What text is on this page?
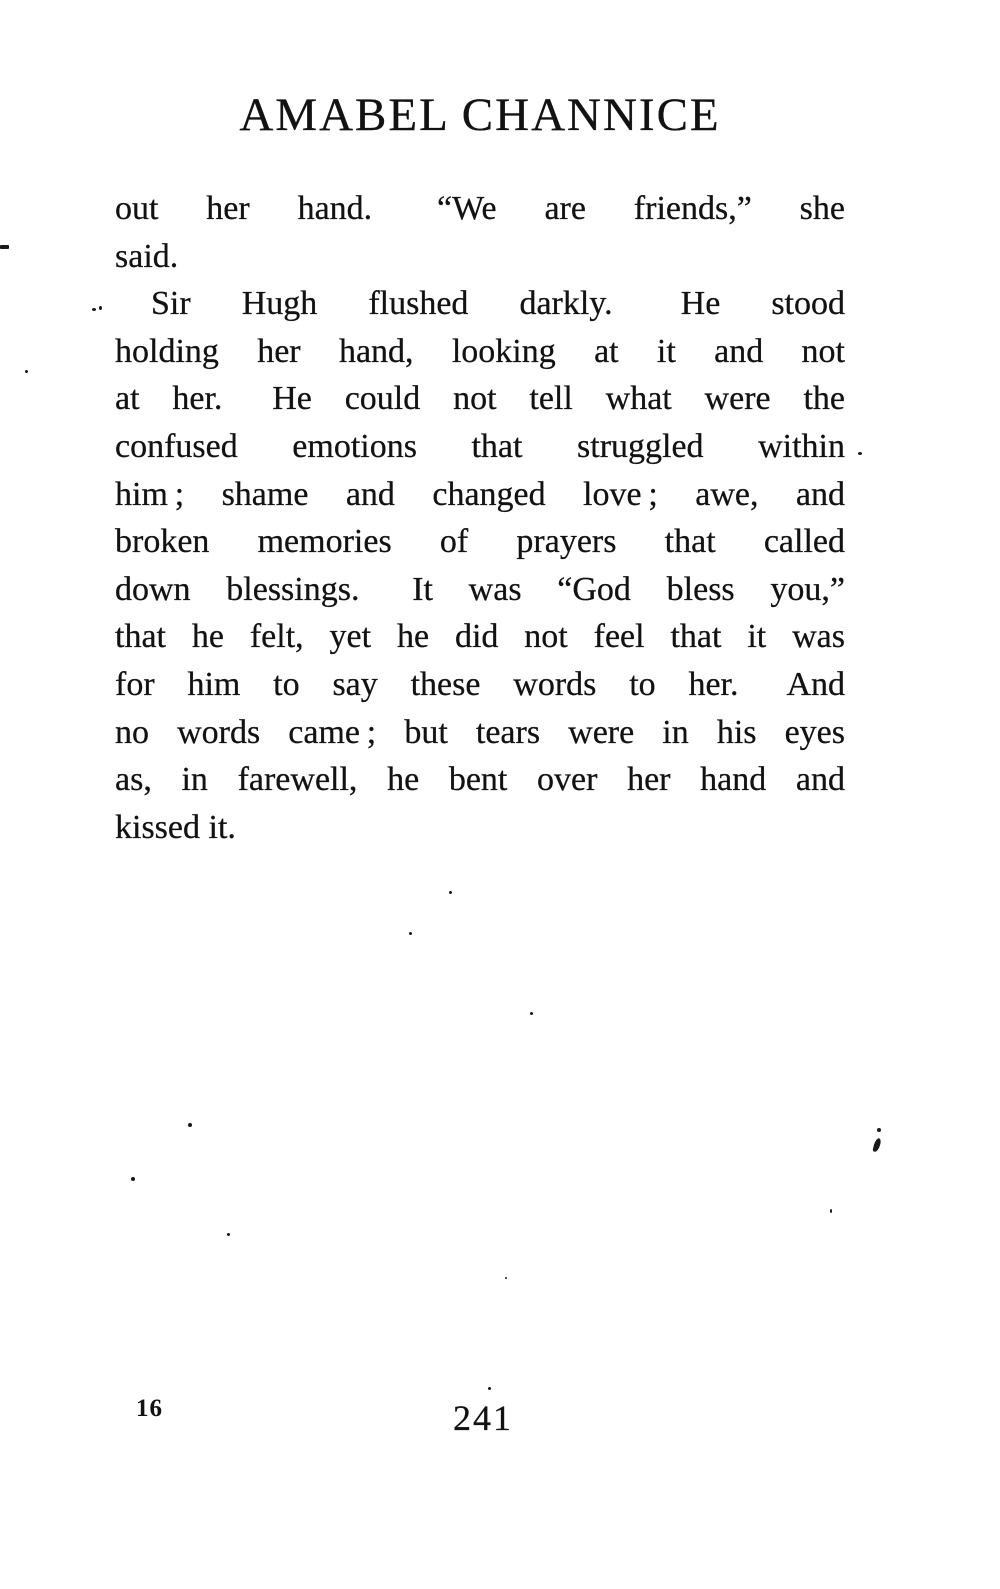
AMABEL CHANNICE
out her hand.  “We are friends,” she
said.
Sir Hugh flushed darkly.  He stood
holding her hand, looking at it and not
at her.  He could not tell what were the
confused emotions that struggled within
him ; shame and changed love ; awe, and
broken memories of prayers that called
down blessings.  It was “God bless you,”
that he felt, yet he did not feel that it was
for him to say these words to her.  And
no words came ; but tears were in his eyes
as, in farewell, he bent over her hand and
kissed it.
16	241
